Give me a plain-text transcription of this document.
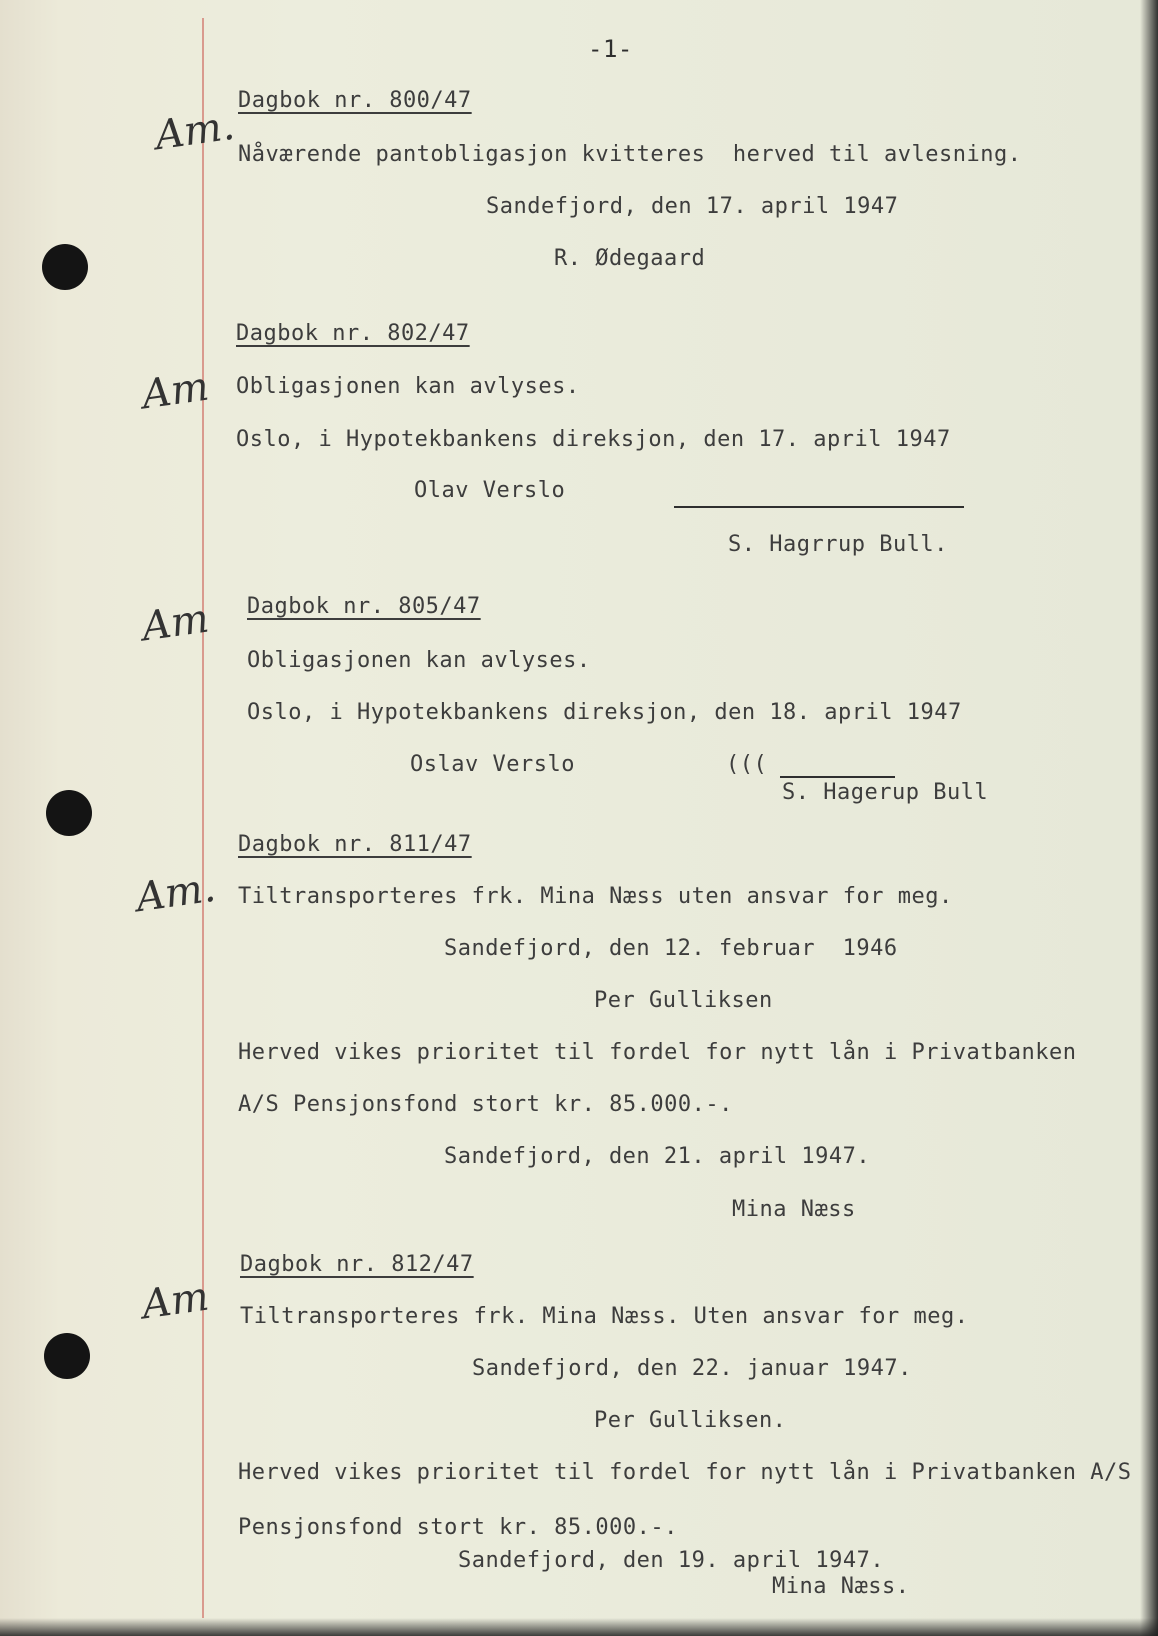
-1-
Am.
Am
Am
Am.
Am
Dagbok nr. 800/47
Nåværende pantobligasjon kvitteres  herved til avlesning.
Sandefjord, den 17. april 1947
R. Ødegaard
Dagbok nr. 802/47
Obligasjonen kan avlyses.
Oslo, i Hypotekbankens direksjon, den 17. april 1947
Olav Verslo
S. Hagrrup Bull.
Dagbok nr. 805/47
Obligasjonen kan avlyses.
Oslo, i Hypotekbankens direksjon, den 18. april 1947
Oslav Verslo	(((
S. Hagerup Bull
Dagbok nr. 811/47
Tiltransporteres frk. Mina Næss uten ansvar for meg.
Sandefjord, den 12. februar  1946
Per Gulliksen
Herved vikes prioritet til fordel for nytt lån i Privatbanken
A/S Pensjonsfond stort kr. 85.000.-.
Sandefjord, den 21. april 1947.
Mina Næss
Dagbok nr. 812/47
Tiltransporteres frk. Mina Næss. Uten ansvar for meg.
Sandefjord, den 22. januar 1947.
Per Gulliksen.
Herved vikes prioritet til fordel for nytt lån i Privatbanken A/S
Pensjonsfond stort kr. 85.000.-.
Sandefjord, den 19. april 1947.
Mina Næss.
